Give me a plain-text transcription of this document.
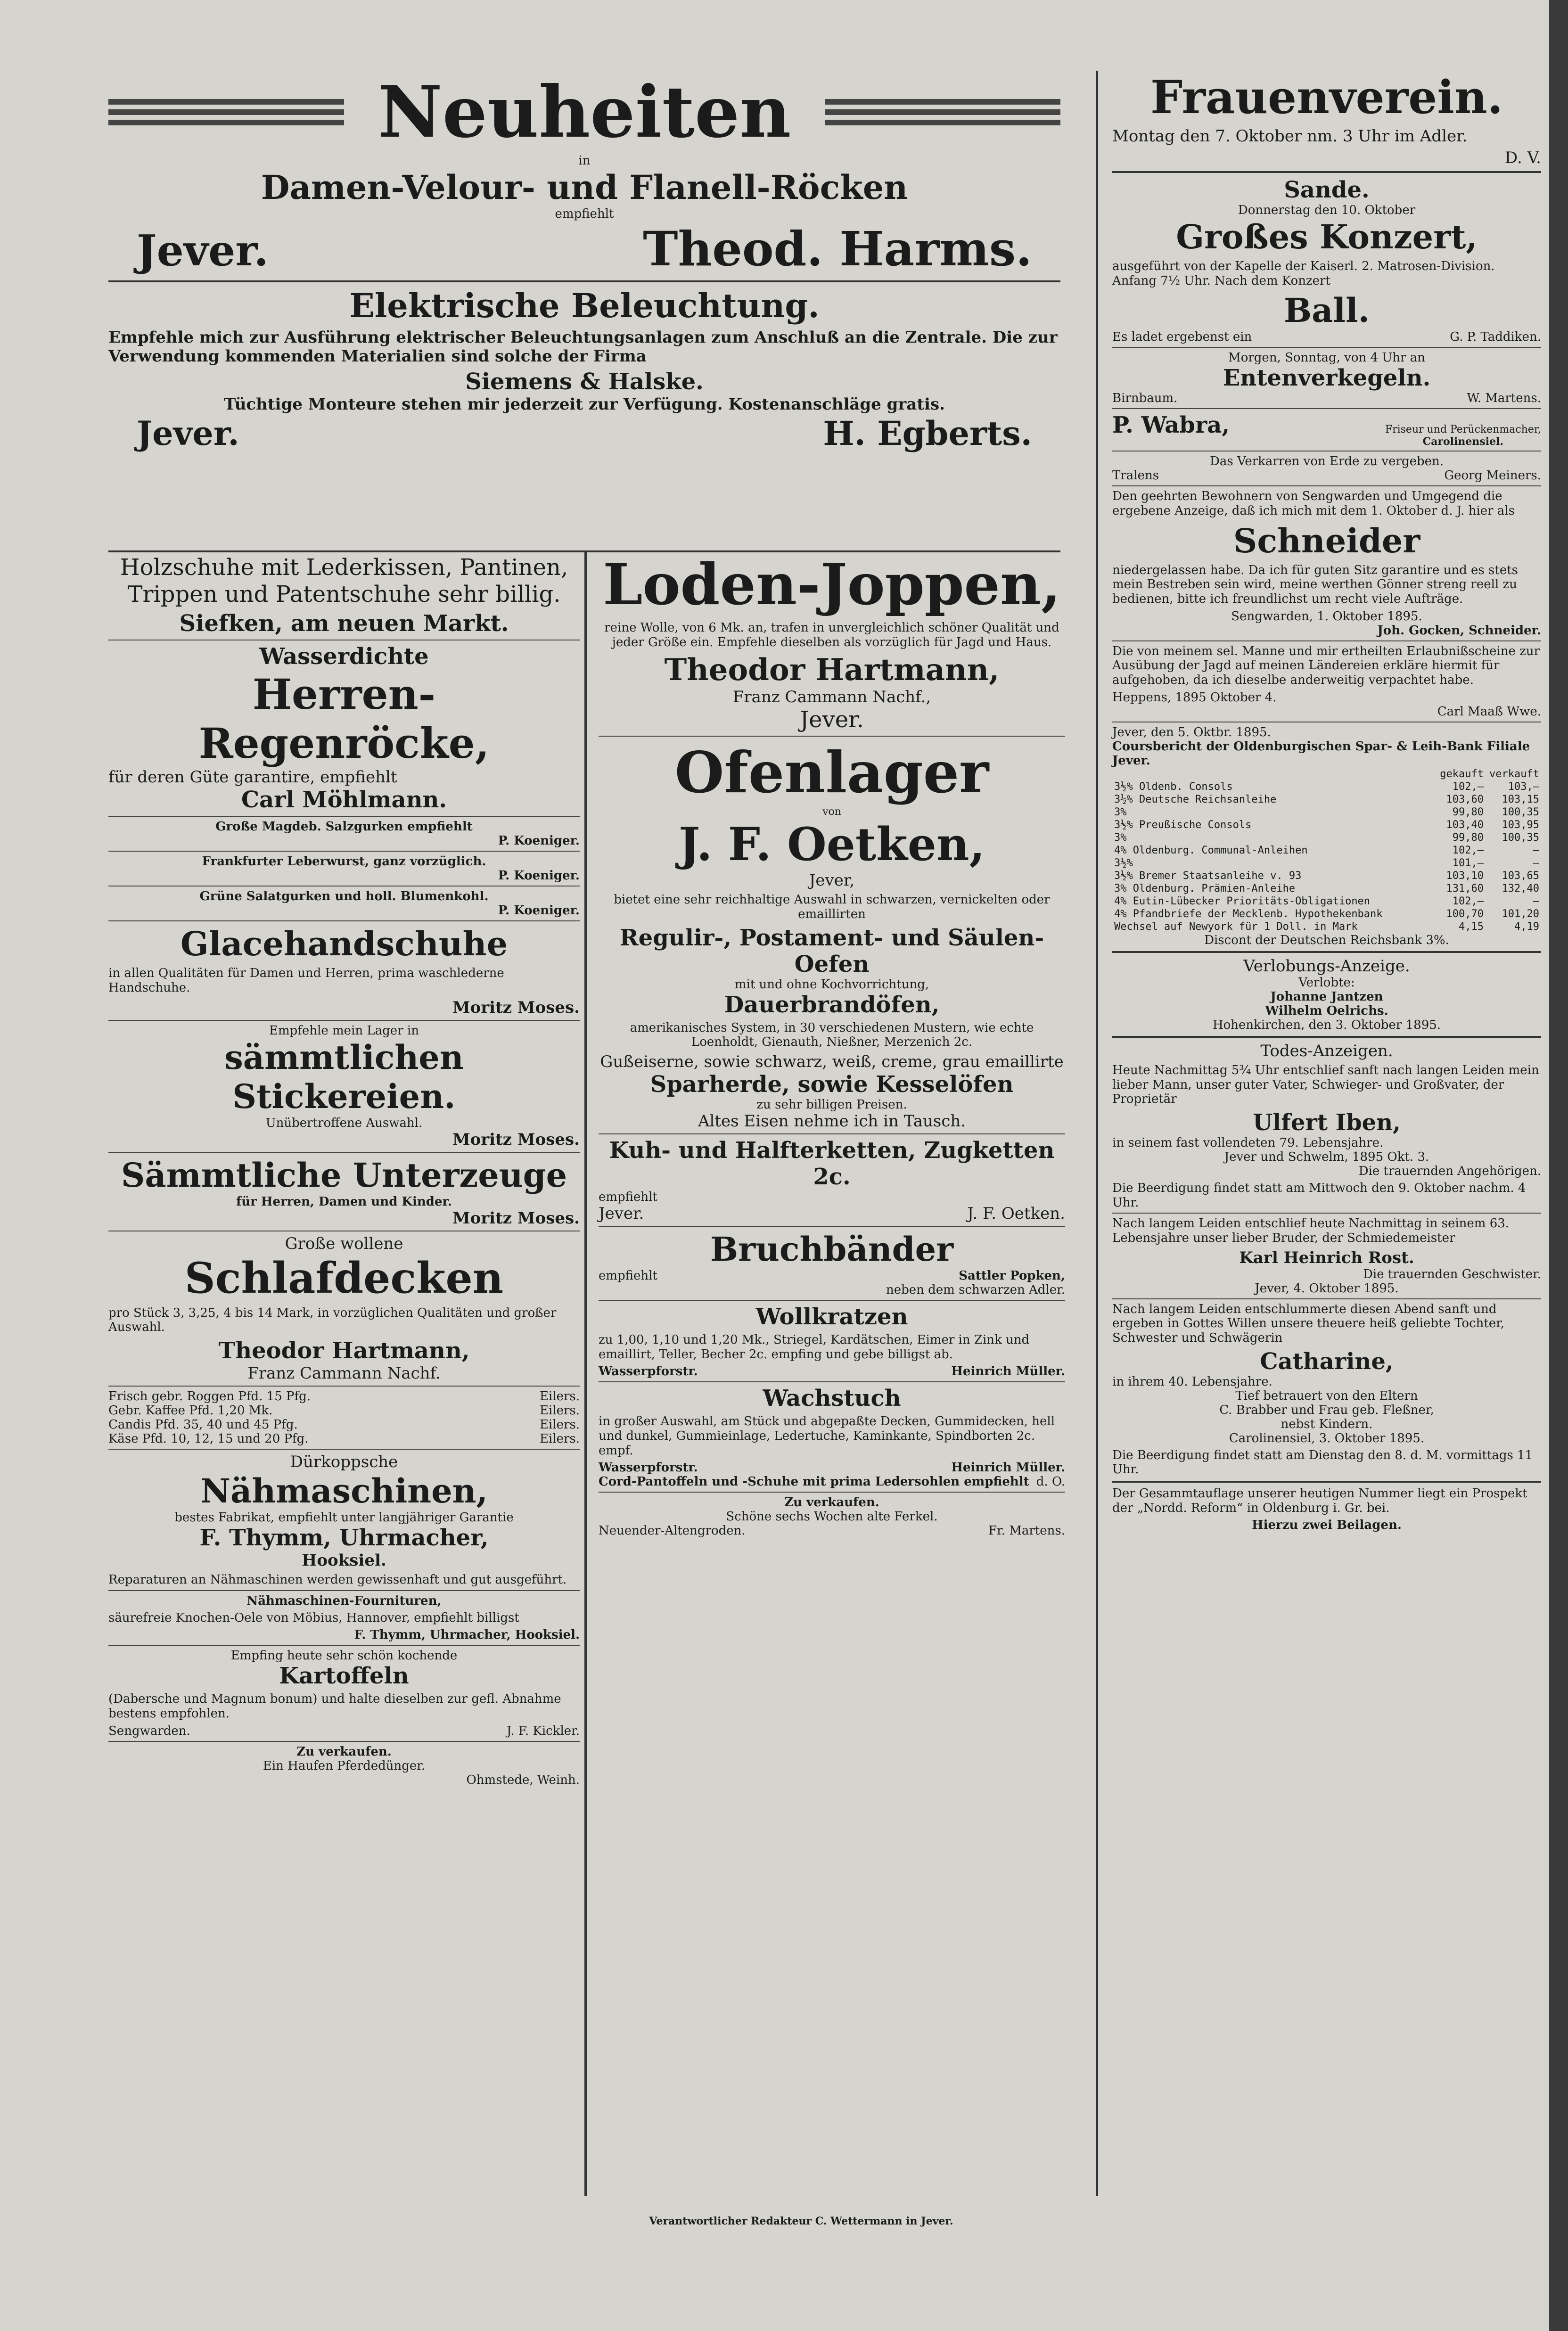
Neuheiten
in
Damen-Velour- und Flanell-Röcken
empfiehlt
Jever.	Theod. Harms.
Elektrische Beleuchtung.

Empfehle mich zur Ausführung elektrischer Beleuchtungsanlagen zum Anschluß an die Zentrale. Die zur Verwendung kommenden Materialien sind solche der Firma

Siemens & Halske.
Tüchtige Monteure stehen mir jederzeit zur Verfügung. Kostenanschläge gratis.
Jever.	H. Egberts.

Holzschuhe mit Lederkissen, Pantinen, Trippen und Patentschuhe sehr billig.

Siefken, am neuen Markt.
Wasserdichte
Herren-Regenröcke,
für deren Güte garantire, empfiehlt
Carl Möhlmann.
Große Magdeb. Salzgurken empfiehlt
P. Koeniger.
Frankfurter Leberwurst, ganz vorzüglich.
P. Koeniger.
Grüne Salatgurken und holl. Blumenkohl.
P. Koeniger.
Glacehandschuhe

in allen Qualitäten für Damen und Herren, prima waschlederne Handschuhe.

Moritz Moses.
Empfehle mein Lager in
sämmtlichen Stickereien.
Unübertroffene Auswahl.
Moritz Moses.
Sämmtliche Unterzeuge
für Herren, Damen und Kinder.
Moritz Moses.
Große wollene
Schlafdecken

pro Stück 3, 3,25, 4 bis 14 Mark, in vorzüglichen Qualitäten und großer Auswahl.

Theodor Hartmann,
Franz Cammann Nachf.
Frisch gebr. Roggen Pfd. 15 Pfg.	Eilers.
Gebr. Kaffee Pfd. 1,20 Mk.	Eilers.
Candis Pfd. 35, 40 und 45 Pfg.	Eilers.
Käse Pfd. 10, 12, 15 und 20 Pfg.	Eilers.
Dürkoppsche
Nähmaschinen,
bestes Fabrikat, empfiehlt unter langjähriger Garantie
F. Thymm, Uhrmacher,
Hooksiel.

Reparaturen an Nähmaschinen werden gewissenhaft und gut ausgeführt.

Nähmaschinen-Fournituren,

säurefreie Knochen-Oele von Möbius, Hannover, empfiehlt billigst

F. Thymm, Uhrmacher, Hooksiel.
Empfing heute sehr schön kochende
Kartoffeln

(Dabersche und Magnum bonum) und halte dieselben zur gefl. Abnahme bestens empfohlen.

Sengwarden.	J. F. Kickler.
Zu verkaufen.
Ein Haufen Pferdedünger.
Ohmstede, Weinh.
Loden-Joppen,

reine Wolle, von 6 Mk. an, trafen in unvergleichlich schöner Qualität und jeder Größe ein. Empfehle dieselben als vorzüglich für Jagd und Haus.

Theodor Hartmann,
Franz Cammann Nachf.,
Jever.
Ofenlager
von
J. F. Oetken,
Jever,

bietet eine sehr reichhaltige Auswahl in schwarzen, vernickelten oder emaillirten

Regulir-, Postament- und Säulen-Oefen
mit und ohne Kochvorrichtung,
Dauerbrandöfen,

amerikanisches System, in 30 verschiedenen Mustern, wie echte Loenholdt, Gienauth, Nießner, Merzenich 2c.

Gußeiserne, sowie schwarz, weiß, creme, grau emaillirte
Sparherde, sowie Kesselöfen
zu sehr billigen Preisen.
Altes Eisen nehme ich in Tausch.
Kuh- und Halfterketten, Zugketten 2c.
empfiehlt
Jever.	J. F. Oetken.
Bruchbänder
empfiehlt	Sattler Popken,
neben dem schwarzen Adler.
Wollkratzen

zu 1,00, 1,10 und 1,20 Mk., Striegel, Kardätschen, Eimer in Zink und emaillirt, Teller, Becher 2c. empfing und gebe billigst ab.

Wasserpforstr.	Heinrich Müller.
Wachstuch

in großer Auswahl, am Stück und abgepaßte Decken, Gummidecken, hell und dunkel, Gummieinlage, Ledertuche, Kaminkante, Spindborten 2c. empf.

Wasserpforstr.	Heinrich Müller.
Cord-Pantoffeln und -Schuhe mit prima Ledersohlen empfiehlt d. O.
Zu verkaufen.
Schöne sechs Wochen alte Ferkel.
Neuender-Altengroden.	Fr. Martens.
Verantwortlicher Redakteur C. Wettermann in Jever.
Frauenverein.

Montag den 7. Oktober nm. 3 Uhr im Adler.

D. V.
Sande.
Donnerstag den 10. Oktober
Großes Konzert,

ausgeführt von der Kapelle der Kaiserl. 2. Matrosen-Division. Anfang 7½ Uhr. Nach dem Konzert

Ball.
Es ladet ergebenst ein	G. P. Taddiken.
Morgen, Sonntag, von 4 Uhr an
Entenverkegeln.
Birnbaum.	W. Martens.
P. Wabra,	Friseur und Perückenmacher,
Carolinensiel.
Das Verkarren von Erde zu vergeben.
Tralens	Georg Meiners.

Den geehrten Bewohnern von Sengwarden und Umgegend die ergebene Anzeige, daß ich mich mit dem 1. Oktober d. J. hier als

Schneider

niedergelassen habe. Da ich für guten Sitz garantire und es stets mein Bestreben sein wird, meine werthen Gönner streng reell zu bedienen, bitte ich freundlichst um recht viele Aufträge.

Sengwarden, 1. Oktober 1895.
Joh. Gocken, Schneider.

Die von meinem sel. Manne und mir ertheilten Erlaubnißscheine zur Ausübung der Jagd auf meinen Ländereien erkläre hiermit für aufgehoben, da ich dieselbe anderweitig verpachtet habe.

Heppens, 1895 Oktober 4.
Carl Maaß Wwe.
Jever, den 5. Oktbr. 1895.
Coursbericht der Oldenburgischen Spar- & Leih-Bank Filiale Jever.
	gekauft	verkauft
3½% Oldenb. Consols	102,—	103,—
3½% Deutsche Reichsanleihe	103,60	103,15
3%	99,80	100,35
3½% Preußische Consols	103,40	103,95
3%	99,80	100,35
4% Oldenburg. Communal-Anleihen	102,—	—
3½%	101,—	—
3½% Bremer Staatsanleihe v. 93	103,10	103,65
3% Oldenburg. Prämien-Anleihe	131,60	132,40
4% Eutin-Lübecker Prioritäts-Obligationen	102,—	—
4% Pfandbriefe der Mecklenb. Hypothekenbank	100,70	101,20
Wechsel auf Newyork für 1 Doll. in Mark	4,15	4,19
Discont der Deutschen Reichsbank 3%.
Verlobungs-Anzeige.
Verlobte:
Johanne Jantzen
Wilhelm Oelrichs.
Hohenkirchen, den 3. Oktober 1895.
Todes-Anzeigen.

Heute Nachmittag 5¾ Uhr entschlief sanft nach langen Leiden mein lieber Mann, unser guter Vater, Schwieger- und Großvater, der Proprietär

Ulfert Iben,
in seinem fast vollendeten 79. Lebensjahre.
Jever und Schwelm, 1895 Okt. 3.
Die trauernden Angehörigen.

Die Beerdigung findet statt am Mittwoch den 9. Oktober nachm. 4 Uhr.

Nach langem Leiden entschlief heute Nachmittag in seinem 63. Lebensjahre unser lieber Bruder, der Schmiedemeister

Karl Heinrich Rost.
Die trauernden Geschwister.
Jever, 4. Oktober 1895.

Nach langem Leiden entschlummerte diesen Abend sanft und ergeben in Gottes Willen unsere theuere heiß geliebte Tochter, Schwester und Schwägerin

Catharine,
in ihrem 40. Lebensjahre.
Tief betrauert von den Eltern
C. Brabber und Frau geb. Fleßner,
nebst Kindern.
Carolinensiel, 3. Oktober 1895.

Die Beerdigung findet statt am Dienstag den 8. d. M. vormittags 11 Uhr.

Der Gesammtauflage unserer heutigen Nummer liegt ein Prospekt der „Nordd. Reform“ in Oldenburg i. Gr. bei.

Hierzu zwei Beilagen.
